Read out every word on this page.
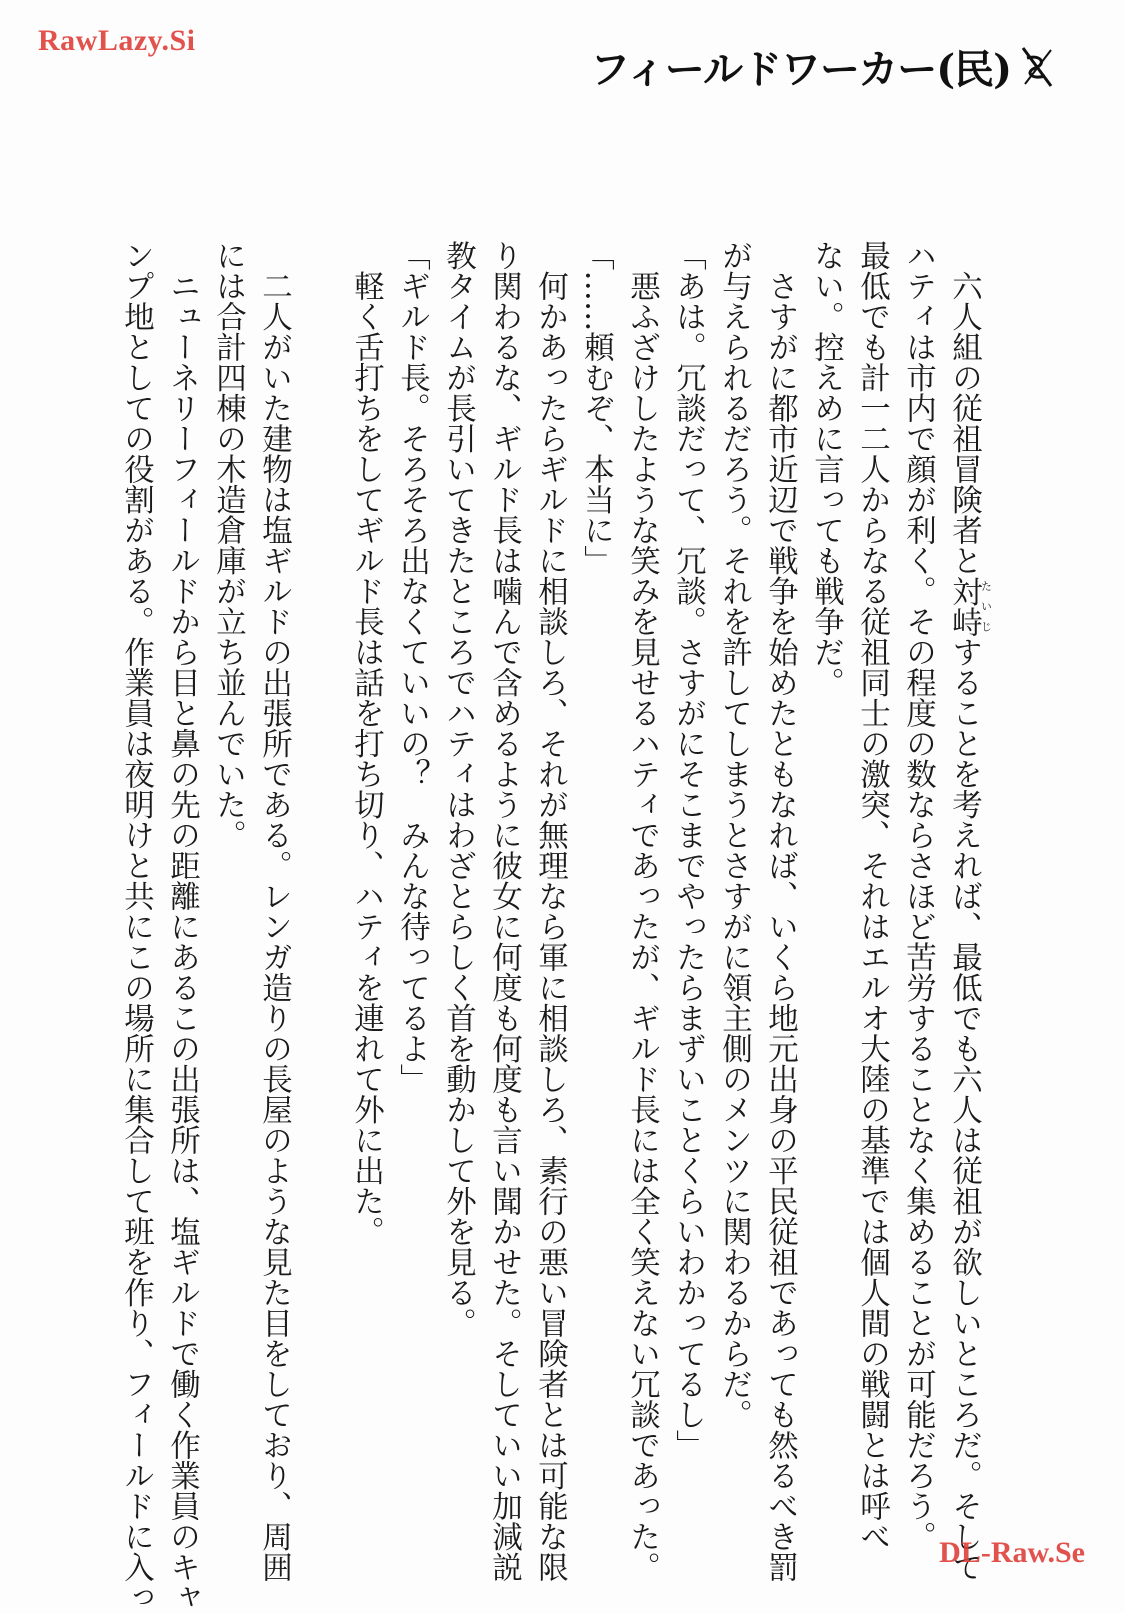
RawLazy.Si
フィールドワーカー(民)
　六人組の従祖冒険者と対峙たいじすることを考えれば、最低でも六人は従祖が欲しいところだ。そして
ハティは市内で顔が利く。その程度の数ならさほど苦労することなく集めることが可能だろう。
最低でも計一二人からなる従祖同士の激突、それはエルオ大陸の基準では個人間の戦闘とは呼べ
ない。控えめに言っても戦争だ。
　さすがに都市近辺で戦争を始めたともなれば、いくら地元出身の平民従祖であっても然るべき罰
が与えられるだろう。それを許してしまうとさすがに領主側のメンツに関わるからだ。
「あは。冗談だって、冗談。さすがにそこまでやったらまずいことくらいわかってるし」
　悪ふざけしたような笑みを見せるハティであったが、ギルド長には全く笑えない冗談であった。
「……頼むぞ、本当に」
　何かあったらギルドに相談しろ、それが無理なら軍に相談しろ、素行の悪い冒険者とは可能な限
り関わるな、ギルド長は噛んで含めるように彼女に何度も何度も言い聞かせた。そしていい加減説
教タイムが長引いてきたところでハティはわざとらしく首を動かして外を見る。
「ギルド長。そろそろ出なくていいの？　みんな待ってるよ」
　軽く舌打ちをしてギルド長は話を打ち切り、ハティを連れて外に出た。

　二人がいた建物は塩ギルドの出張所である。レンガ造りの長屋のような見た目をしており、周囲
には合計四棟の木造倉庫が立ち並んでいた。
　ニューネリーフィールドから目と鼻の先の距離にあるこの出張所は、塩ギルドで働く作業員のキャ
ンプ地としての役割がある。作業員は夜明けと共にこの場所に集合して班を作り、フィールドに入っ	DL-Raw.Se
